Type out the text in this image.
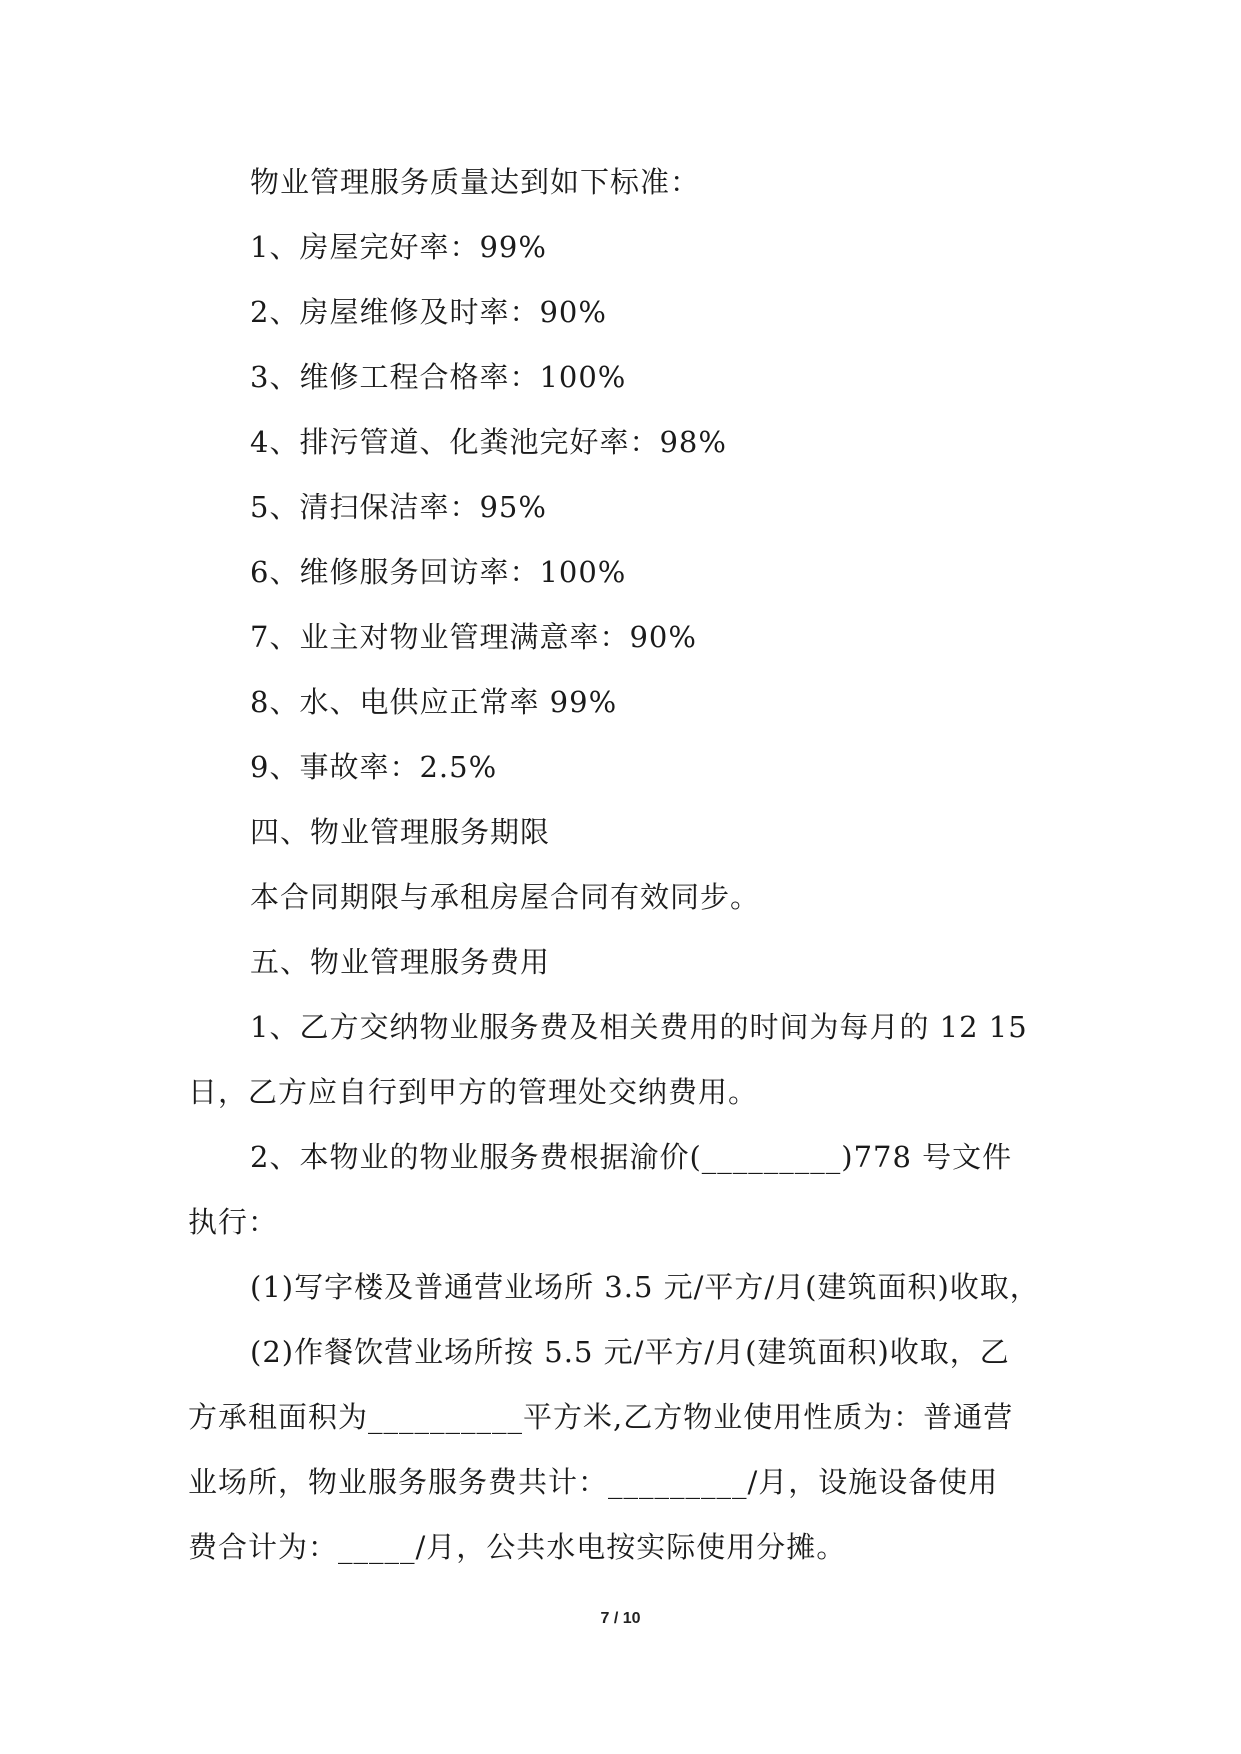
物业管理服务质量达到如下标准：
1、房屋完好率：99%
2、房屋维修及时率：90%
3、维修工程合格率：100%
4、排污管道、化粪池完好率：98%
5、清扫保洁率：95%
6、维修服务回访率：100%
7、业主对物业管理满意率：90%
8、水、电供应正常率 99%
9、事故率：2.5%
四、物业管理服务期限
本合同期限与承租房屋合同有效同步。
五、物业管理服务费用
1、乙方交纳物业服务费及相关费用的时间为每月的 12 15
日，乙方应自行到甲方的管理处交纳费用。
2、本物业的物业服务费根据渝价(_________)778 号文件
执行：
(1)写字楼及普通营业场所 3.5 元/平方/月(建筑面积)收取，
(2)作餐饮营业场所按 5.5 元/平方/月(建筑面积)收取，乙
方承租面积为__________平方米,乙方物业使用性质为：普通营
业场所，物业服务服务费共计：_________/月，设施设备使用
费合计为：_____/月，公共水电按实际使用分摊。
7 / 10
